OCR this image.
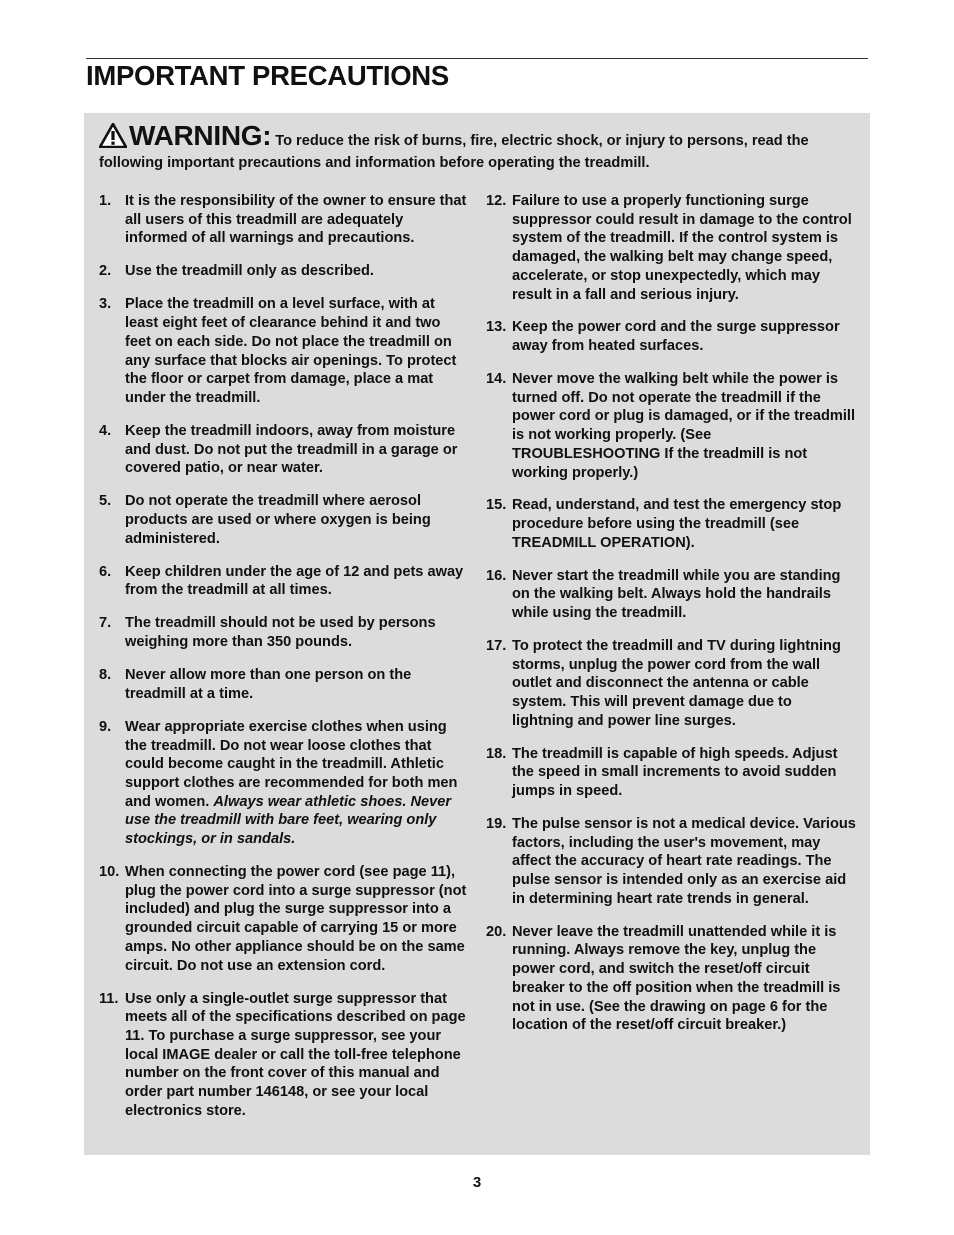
IMPORTANT PRECAUTIONS
WARNING: To reduce the risk of burns, fire, electric shock, or injury to persons, read the following important precautions and information before operating the treadmill.
1. It is the responsibility of the owner to ensure that all users of this treadmill are adequately informed of all warnings and precautions.
2. Use the treadmill only as described.
3. Place the treadmill on a level surface, with at least eight feet of clearance behind it and two feet on each side. Do not place the treadmill on any surface that blocks air openings. To protect the floor or carpet from damage, place a mat under the treadmill.
4. Keep the treadmill indoors, away from moisture and dust. Do not put the treadmill in a garage or covered patio, or near water.
5. Do not operate the treadmill where aerosol products are used or where oxygen is being administered.
6. Keep children under the age of 12 and pets away from the treadmill at all times.
7. The treadmill should not be used by persons weighing more than 350 pounds.
8. Never allow more than one person on the treadmill at a time.
9. Wear appropriate exercise clothes when using the treadmill. Do not wear loose clothes that could become caught in the treadmill. Athletic support clothes are recommended for both men and women. Always wear athletic shoes. Never use the treadmill with bare feet, wearing only stockings, or in sandals.
10. When connecting the power cord (see page 11), plug the power cord into a surge suppressor (not included) and plug the surge suppressor into a grounded circuit capable of carrying 15 or more amps. No other appliance should be on the same circuit. Do not use an extension cord.
11. Use only a single-outlet surge suppressor that meets all of the specifications described on page 11. To purchase a surge suppressor, see your local IMAGE dealer or call the toll-free telephone number on the front cover of this manual and order part number 146148, or see your local electronics store.
12. Failure to use a properly functioning surge suppressor could result in damage to the control system of the treadmill. If the control system is damaged, the walking belt may change speed, accelerate, or stop unexpectedly, which may result in a fall and serious injury.
13. Keep the power cord and the surge suppressor away from heated surfaces.
14. Never move the walking belt while the power is turned off. Do not operate the treadmill if the power cord or plug is damaged, or if the treadmill is not working properly. (See TROUBLESHOOTING If the treadmill is not working properly.)
15. Read, understand, and test the emergency stop procedure before using the treadmill (see TREADMILL OPERATION).
16. Never start the treadmill while you are standing on the walking belt. Always hold the handrails while using the treadmill.
17. To protect the treadmill and TV during lightning storms, unplug the power cord from the wall outlet and disconnect the antenna or cable system. This will prevent damage due to lightning and power line surges.
18. The treadmill is capable of high speeds. Adjust the speed in small increments to avoid sudden jumps in speed.
19. The pulse sensor is not a medical device. Various factors, including the user's movement, may affect the accuracy of heart rate readings. The pulse sensor is intended only as an exercise aid in determining heart rate trends in general.
20. Never leave the treadmill unattended while it is running. Always remove the key, unplug the power cord, and switch the reset/off circuit breaker to the off position when the treadmill is not in use. (See the drawing on page 6 for the location of the reset/off circuit breaker.)
3
